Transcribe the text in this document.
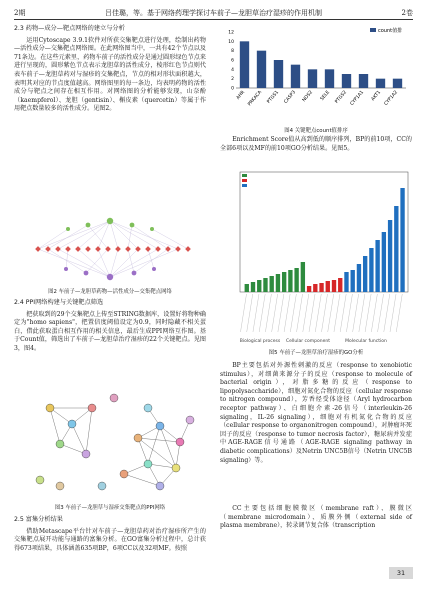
2期	吕佳璐，等。基于网络药理学探讨车前子—龙胆草治疗湿疹的作用机制	2卷
2.3 药物—成分—靶点网络的建立与分析

运用Cytoscape 3.9.1软件对所获交集靶点进行处理，绘制出药物—活性成分—交集靶点网络图。在此网络图当中，一共有42个节点以及71条边。在这些元素里，药物车前子的活性成分是通过圆形绿色节点来进行呈现的，圆形紫色节点表示龙胆草的活性成分，棱形红色节点则代表车前子—龙胆草药对与湿疹的交集靶点，节点的相对形状面积越大，表明其对应的节点度值越高。网络图里的每一条边，均表明药物的活性成分与靶点之间存在相互作用。对网络图的分析能够发现，山奈酚（kaempferol）、龙胆（gentisin）、槲皮素（quercetin）等属于作用靶点数量较多的活性成分。见图2。

图2 车前子—龙胆草药物—活性成分—交集靶点网络
2.4 PPI网络构建与关键靶点筛选

把获取到的29个交集靶点上传至STRING数据库，设置好将物种确定为"homo sapiens"，把置信度阈值设定为0.9，同时隐藏不相关蛋白，借此获取蛋白相互作用的相关信息，最后生成PPI网络互作图。基于Count值，筛选出了车前子—龙胆草治疗湿疹的22个关键靶点。见图3，图4。

图3 车前子—龙胆草与湿疹交集靶点的PPI网络
2.5 富集分析结果

借助Metascape平台针对车前子—龙胆草药对治疗湿疹所产生的交集靶点展开功能与通路的富集分析。在GO富集分析过程中，总计获得673项结果，具体涵盖635项BP，6项CC以及32项MF。按照

count值排
0
2
4
6
8
10
12
AHR PRKACA PTGS1 CASP3 NOS2 SELE PTGS2 CYP1A1 AKT1 CYP1A2
图4 关键靶点count值排序

Enrichment Score值从高到低的顺序排列，BP的前10项，CC的全部6项以及MF的前10项GO分析结果。见图5。

Biological process Cellular component	Molecular function
图5 车前子—龙胆草治疗湿疹的GO分析

BP主要包括对外源性刺激的反应（response to xenobiotic stimulus），对细菌来源分子的反应（response to molecule of bacterial origin），对脂多糖的反应（response to lipopolysaccharide），细胞对氮化合物的反应（cellular response to nitrogen compound），芳香烃受体途径（Aryl hydrocarbon receptor pathway）、白细胞介素-26信号（interleukin-26 signaling，IL-26 signaling），细胞对有机氮化合物的反应（cellular response to organonitrogen compound），对肿瘤坏死因子的反应（response to tumor necrosis factor），糖尿病并发症中AGE-RAGE信号通路（AGE-RAGE signaling pathway in diabetic complications）及Netrin UNC5B信号（Netrin UNC5B signaling）等。

CC主要包括细胞膜微区（membrane raft）、膜微区（membrane microdomain）、质膜外侧（external side of plasma membrane），转录调节复合体（transcription

31
